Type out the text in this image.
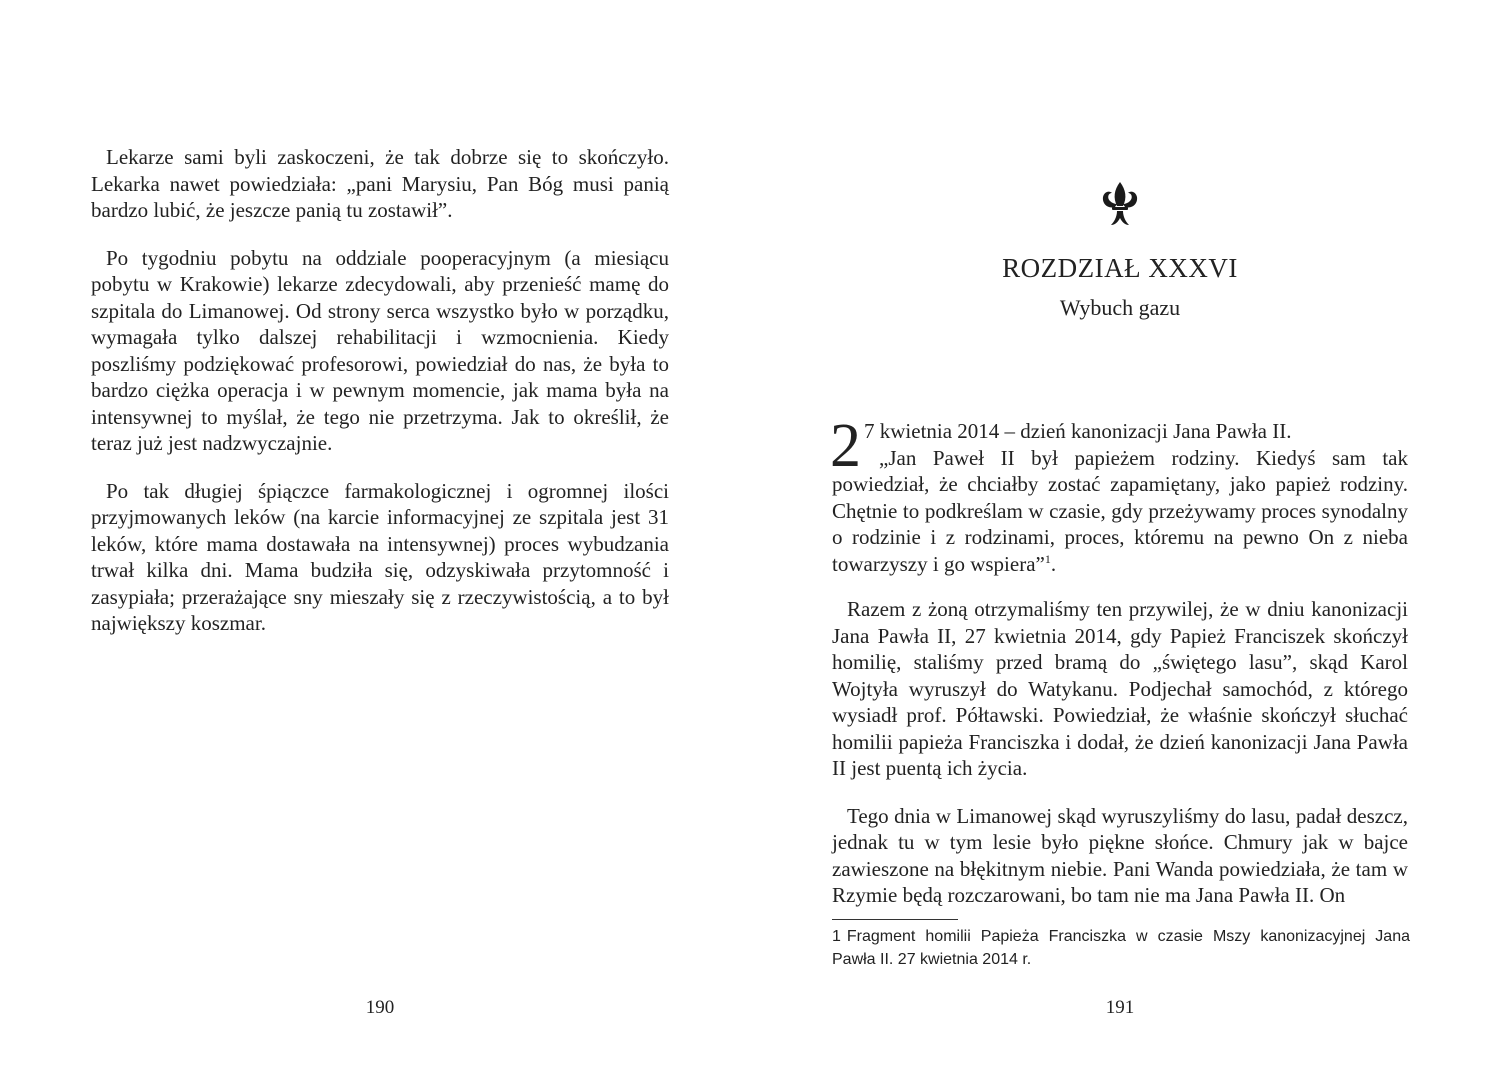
Lekarze sami byli zaskoczeni, że tak dobrze się to skończyło. Lekarka nawet powiedziała: „pani Marysiu, Pan Bóg musi panią bardzo lubić, że jeszcze panią tu zostawił”.

Po tygodniu pobytu na oddziale pooperacyjnym (a miesiącu pobytu w Krakowie) lekarze zdecydowali, aby przenieść mamę do szpitala do Limanowej. Od strony serca wszystko było w porządku, wymagała tylko dalszej rehabilitacji i wzmocnienia. Kiedy poszliśmy podziękować profesorowi, powiedział do nas, że była to bardzo ciężka operacja i w pewnym momencie, jak mama była na intensywnej to myślał, że tego nie przetrzyma. Jak to określił, że teraz już jest nadzwyczajnie.

Po tak długiej śpiączce farmakologicznej i ogromnej ilości przyjmowanych leków (na karcie informacyjnej ze szpitala jest 31 leków, które mama dostawała na intensywnej) proces wybudzania trwał kilka dni. Mama budziła się, odzyskiwała przytomność i zasypiała; przerażające sny mieszały się z rzeczywistością, a to był największy koszmar.

ROZDZIAŁ XXXVI
Wybuch gazu
2 7 kwietnia 2014 – dzień kanonizacji Jana Pawła II.
„Jan Paweł II był papieżem rodziny. Kiedyś sam tak powiedział, że chciałby zostać zapamiętany, jako papież rodziny. Chętnie to podkreślam w czasie, gdy przeżywamy proces synodalny o rodzinie i z rodzinami, proces, któremu na pewno On z nieba towarzyszy i go wspiera”$^1$.

Razem z żoną otrzymaliśmy ten przywilej, że w dniu kanonizacji Jana Pawła II, 27 kwietnia 2014, gdy Papież Franciszek skończył homilię, staliśmy przed bramą do „świętego lasu”, skąd Karol Wojtyła wyruszył do Watykanu. Podjechał samochód, z którego wysiadł prof. Półtawski. Powiedział, że właśnie skończył słuchać homilii papieża Franciszka i dodał, że dzień kanonizacji Jana Pawła II jest puentą ich życia.

Tego dnia w Limanowej skąd wyruszyliśmy do lasu, padał deszcz, jednak tu w tym lesie było piękne słońce. Chmury jak w bajce zawieszone na błękitnym niebie. Pani Wanda powiedziała, że tam w Rzymie będą rozczarowani, bo tam nie ma Jana Pawła II. On

1 Fragment homilii Papieża Franciszka w czasie Mszy kanonizacyjnej Jana Pawła II. 27 kwietnia 2014 r.
190	191
